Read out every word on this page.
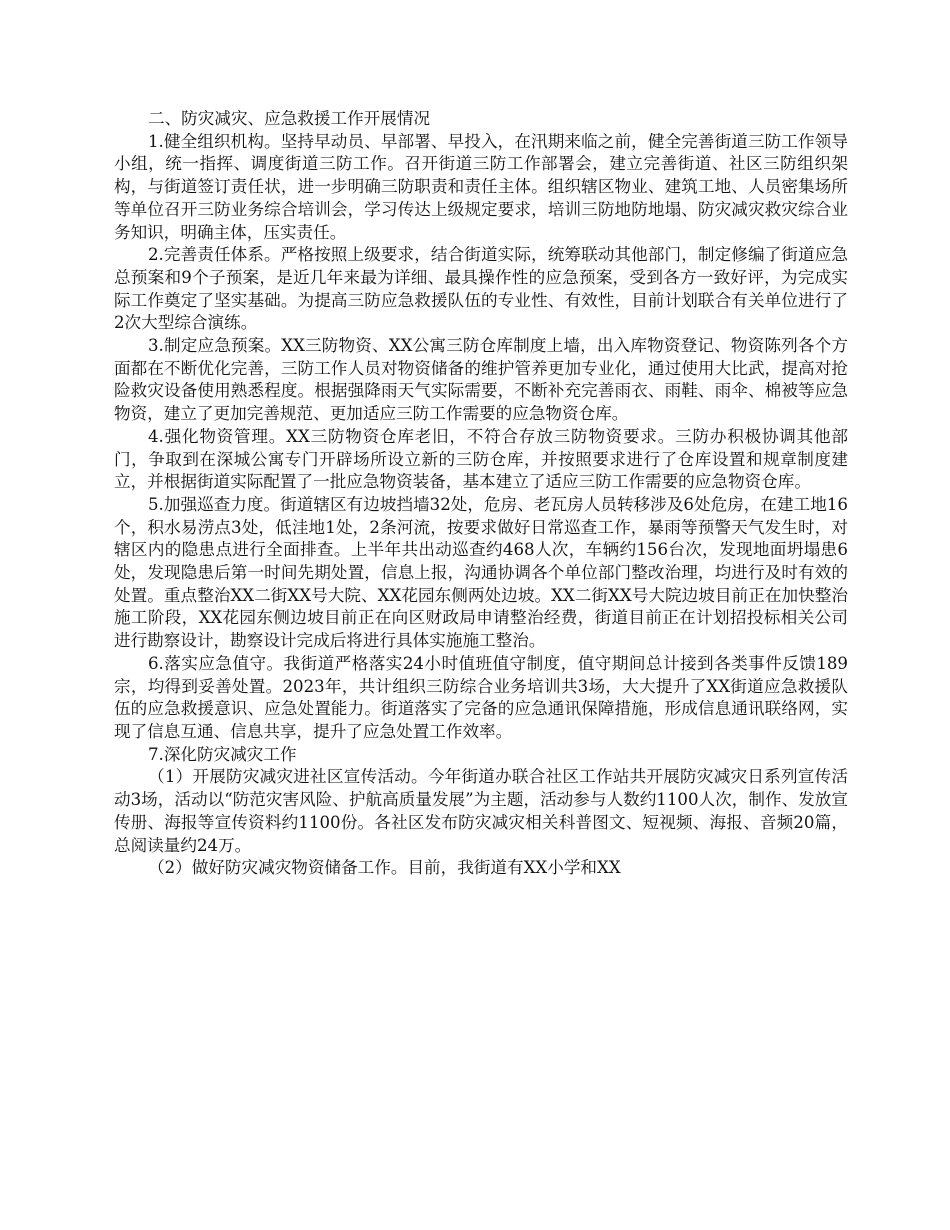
二、防灾减灾、应急救援工作开展情况

1.健全组织机构。坚持早动员、早部署、早投入，在汛期来临之前，健全完善街道三防工作领导小组，统一指挥、调度街道三防工作。召开街道三防工作部署会，建立完善街道、社区三防组织架构，与街道签订责任状，进一步明确三防职责和责任主体。组织辖区物业、建筑工地、人员密集场所等单位召开三防业务综合培训会，学习传达上级规定要求，培训三防地防地塌、防灾减灾救灾综合业务知识，明确主体，压实责任。

2.完善责任体系。严格按照上级要求，结合街道实际，统筹联动其他部门，制定修编了街道应急总预案和9个子预案，是近几年来最为详细、最具操作性的应急预案，受到各方一致好评，为完成实际工作奠定了坚实基础。为提高三防应急救援队伍的专业性、有效性，目前计划联合有关单位进行了2次大型综合演练。

3.制定应急预案。XX三防物资、XX公寓三防仓库制度上墙，出入库物资登记、物资陈列各个方面都在不断优化完善，三防工作人员对物资储备的维护管养更加专业化，通过使用大比武，提高对抢险救灾设备使用熟悉程度。根据强降雨天气实际需要，不断补充完善雨衣、雨鞋、雨伞、棉被等应急物资，建立了更加完善规范、更加适应三防工作需要的应急物资仓库。

4.强化物资管理。XX三防物资仓库老旧，不符合存放三防物资要求。三防办积极协调其他部门，争取到在深城公寓专门开辟场所设立新的三防仓库，并按照要求进行了仓库设置和规章制度建立，并根据街道实际配置了一批应急物资装备，基本建立了适应三防工作需要的应急物资仓库。

5.加强巡查力度。街道辖区有边坡挡墙32处，危房、老瓦房人员转移涉及6处危房，在建工地16个，积水易涝点3处，低洼地1处，2条河流，按要求做好日常巡查工作，暴雨等预警天气发生时，对辖区内的隐患点进行全面排查。上半年共出动巡查约468人次，车辆约156台次，发现地面坍塌患6处，发现隐患后第一时间先期处置，信息上报，沟通协调各个单位部门整改治理，均进行及时有效的处置。重点整治XX二街XX号大院、XX花园东侧两处边坡。XX二街XX号大院边坡目前正在加快整治施工阶段，XX花园东侧边坡目前正在向区财政局申请整治经费，街道目前正在计划招投标相关公司进行勘察设计，勘察设计完成后将进行具体实施施工整治。

6.落实应急值守。我街道严格落实24小时值班值守制度，值守期间总计接到各类事件反馈189宗，均得到妥善处置。2023年，共计组织三防综合业务培训共3场，大大提升了XX街道应急救援队伍的应急救援意识、应急处置能力。街道落实了完备的应急通讯保障措施，形成信息通讯联络网，实现了信息互通、信息共享，提升了应急处置工作效率。

7.深化防灾减灾工作

（1）开展防灾减灾进社区宣传活动。今年街道办联合社区工作站共开展防灾减灾日系列宣传活动3场，活动以“防范灾害风险、护航高质量发展”为主题，活动参与人数约1100人次，制作、发放宣传册、海报等宣传资料约1100份。各社区发布防灾减灾相关科普图文、短视频、海报、音频20篇，总阅读量约24万。

（2）做好防灾减灾物资储备工作。目前，我街道有XX小学和XX
